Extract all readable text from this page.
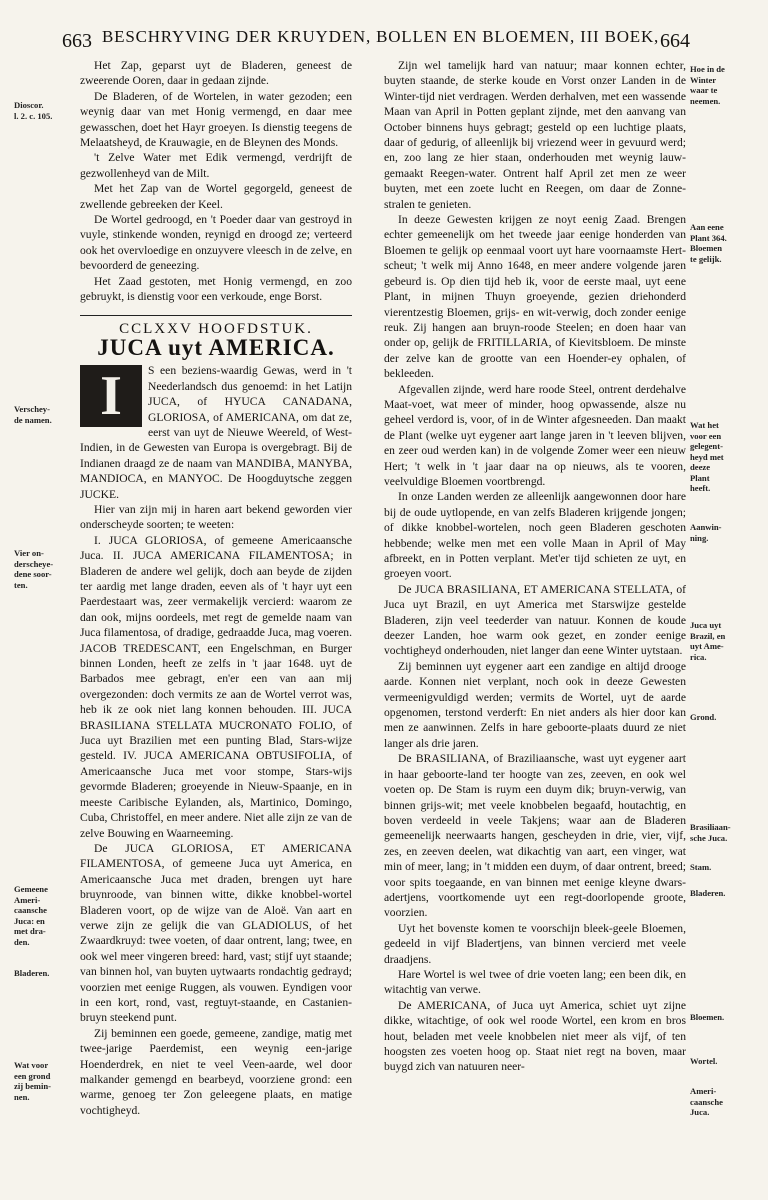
663 BESCHRYVING DER KRUYDEN, BOLLEN EN BLOEMEN, III BOEK, 664

Het Zap, geparst uyt de Bladeren, geneest de zweerende Ooren, daar in gedaan zijnde.

De Bladeren, of de Wortelen, in water gezoden; een weynig daar van met Honig vermengd, en daar mee gewasschen, doet het Hayr groeyen. Is dienstig teegens de Melaatsheyd, de Krauwagie, en de Bleynen des Monds.

't Zelve Water met Edik vermengd, verdrijft de gezwollenheyd van de Milt.

Met het Zap van de Wortel gegorgeld, geneest de zwellende gebreeken der Keel.

De Wortel gedroogd, en 't Poeder daar van gestroyd in vuyle, stinkende wonden, reynigd en droogd ze; verteerd ook het overvloedige en onzuyvere vleesch in de zelve, en bevoorderd de geneezing.

Het Zaad gestoten, met Honig vermengd, en zoo gebruykt, is dienstig voor een verkoude, enge Borst.

CCLXXV HOOFDSTUK.
JUCA uyt AMERICA.

I	S een beziens-waardig Gewas, werd in 't Neederlandsch dus genoemd: in het Latijn JUCA, of HYUCA CANADANA, GLORIOSA, of AMERICANA, om dat ze, eerst van uyt de Nieuwe Weereld, of West-Indien, in de Gewesten van Europa is overgebragt. Bij de Indianen draagd ze de naam van MANDIBA, MANYBA, MANDIOCA, en MANYOC. De Hoogduytsche zeggen JUCKE.

Hier van zijn mij in haren aart bekend geworden vier onderscheyde soorten; te weeten:

I. JUCA GLORIOSA, of gemeene Americaansche Juca. II. JUCA AMERICANA FILAMENTOSA; in Bladeren de andere wel gelijk, doch aan beyde de zijden ter aardig met lange draden, eeven als of 't hayr uyt een Paerdestaart was, zeer vermakelijk vercierd: waarom ze dan ook, mijns oordeels, met regt de gemelde naam van Juca filamentosa, of dradige, gedraadde Juca, mag voeren. JACOB TREDESCANT, een Engelschman, en Burger binnen Londen, heeft ze zelfs in 't jaar 1648. uyt de Barbados mee gebragt, en'er een van aan mij overgezonden: doch vermits ze aan de Wortel verrot was, heb ik ze ook niet lang konnen behouden. III. JUCA BRASILIANA STELLATA MUCRONATO FOLIO, of Juca uyt Brazilien met een punting Blad, Stars-wijze gesteld. IV. JUCA AMERICANA OBTUSIFOLIA, of Americaansche Juca met voor stompe, Stars-wijs gevormde Bladeren; groeyende in Nieuw-Spaanje, en in meeste Caribische Eylanden, als, Martinico, Domingo, Cuba, Christoffel, en meer andere. Niet alle zijn ze van de zelve Bouwing en Waarneeming.

De JUCA GLORIOSA, ET AMERICANA FILAMENTOSA, of gemeene Juca uyt America, en Americaansche Juca met draden, brengen uyt hare bruynroode, van binnen witte, dikke knobbel-wortel Bladeren voort, op de wijze van de Aloë. Van aart en verwe zijn ze gelijk die van GLADIOLUS, of het Zwaardkruyd: twee voeten, of daar ontrent, lang; twee, en ook wel meer vingeren breed: hard, vast; stijf uyt staande; van binnen hol, van buyten uytwaarts rondachtig gedrayd; voorzien met eenige Ruggen, als vouwen. Eyndigen voor in een kort, rond, vast, regtuyt-staande, en Castanien-bruyn steekend punt.

Zij beminnen een goede, gemeene, zandige, matig met twee-jarige Paerdemist, een weynig een-jarige Hoenderdrek, en niet te veel Veen-aarde, wel door malkander gemengd en bearbeyd, voorziene grond: een warme, genoeg ter Zon geleegene plaats, en matige vochtigheyd.

Zijn wel tamelijk hard van natuur; maar konnen echter, buyten staande, de sterke koude en Vorst onzer Landen in de Winter-tijd niet verdragen. Werden derhalven, met een wassende Maan van April in Potten geplant zijnde, met den aanvang van October binnens huys gebragt; gesteld op een luchtige plaats, daar of gedurig, of alleenlijk bij vriezend weer in gevuurd werd; en, zoo lang ze hier staan, onderhouden met weynig lauw-gemaakt Reegen-water. Ontrent half April zet men ze weer buyten, met een zoete lucht en Reegen, om daar de Zonne-stralen te genieten.

In deeze Gewesten krijgen ze noyt eenig Zaad. Brengen echter gemeenelijk om het tweede jaar eenige honderden van Bloemen te gelijk op eenmaal voort uyt hare voornaamste Hert-scheut; 't welk mij Anno 1648, en meer andere volgende jaren gebeurd is. Op dien tijd heb ik, voor de eerste maal, uyt eene Plant, in mijnen Thuyn groeyende, gezien driehonderd vierentzestig Bloemen, grijs- en wit-verwig, doch zonder eenige reuk. Zij hangen aan bruyn-roode Steelen; en doen haar van onder op, gelijk de FRITILLARIA, of Kievitsbloem. De minste der zelve kan de grootte van een Hoender-ey ophalen, of bekleeden.

Afgevallen zijnde, werd hare roode Steel, ontrent derdehalve Maat-voet, wat meer of minder, hoog opwassende, alsze nu geheel verdord is, voor, of in de Winter afgesneeden. Dan maakt de Plant (welke uyt eygener aart lange jaren in 't leeven blijven, en zeer oud werden kan) in de volgende Zomer weer een nieuw Hert; 't welk in 't jaar daar na op nieuws, als te vooren, veelvuldige Bloemen voortbrengd.

In onze Landen werden ze alleenlijk aangewonnen door hare bij de oude uytlopende, en van zelfs Bladeren krijgende jongen; of dikke knobbel-wortelen, noch geen Bladeren geschoten hebbende; welke men met een volle Maan in April of May afbreekt, en in Potten verplant. Met'er tijd schieten ze uyt, en groeyen voort.

De JUCA BRASILIANA, ET AMERICANA STELLATA, of Juca uyt Brazil, en uyt America met Starswijze gestelde Bladeren, zijn veel teederder van natuur. Konnen de koude deezer Landen, hoe warm ook gezet, en zonder eenige vochtigheyd onderhouden, niet langer dan eene Winter uytstaan.

Zij beminnen uyt eygener aart een zandige en altijd drooge aarde. Konnen niet verplant, noch ook in deeze Gewesten vermeenigvuldigd werden; vermits de Wortel, uyt de aarde opgenomen, terstond verderft: En niet anders als hier door kan men ze aanwinnen. Zelfs in hare geboorte-plaats duurd ze niet langer als drie jaren.

De BRASILIANA, of Braziliaansche, wast uyt eygener aart in haar geboorte-land ter hoogte van zes, zeeven, en ook wel voeten op. De Stam is ruym een duym dik; bruyn-verwig, van binnen grijs-wit; met veele knobbelen begaafd, houtachtig, en boven verdeeld in veele Takjens; waar aan de Bladeren gemeenelijk neerwaarts hangen, gescheyden in drie, vier, vijf, zes, en zeeven deelen, wat dikachtig van aart, een vinger, wat min of meer, lang; in 't midden een duym, of daar ontrent, breed; voor spits toegaande, en van binnen met eenige kleyne dwars-adertjens, voortkomende uyt een regt-doorlopende groote, voorzien.

Uyt het bovenste komen te voorschijn bleek-geele Bloemen, gedeeld in vijf Bladertjens, van binnen vercierd met veele draadjens.

Hare Wortel is wel twee of drie voeten lang; een been dik, en witachtig van verwe.

De AMERICANA, of Juca uyt America, schiet uyt zijne dikke, witachtige, of ook wel roode Wortel, een krom en bros hout, beladen met veele knobbelen niet meer als vijf, of ten hoogsten zes voeten hoog op. Staat niet regt na boven, maar buygd zich van natuuren neer-

Dioscor.
l. 2. c. 105.
Verschey-
de namen.
Vier on-
derscheye-
dene soor-
ten.
Gemeene
Ameri-
caansche
Juca: en
met dra-
den.
Bladeren.
Wat voor
een grond
zij bemin-
nen.
Hoe in de
Winter
waar te
neemen.
Aan eene
Plant 364.
Bloemen
te gelijk.
Wat het
voor een
gelegent-
heyd met
deeze
Plant
heeft.
Aanwin-
ning.
Juca uyt
Brazil, en
uyt Ame-
rica.
Grond.
Brasiliaan-
sche Juca.
Stam.
Bladeren.
Bloemen.
Wortel.
Ameri-
caansche
Juca.
